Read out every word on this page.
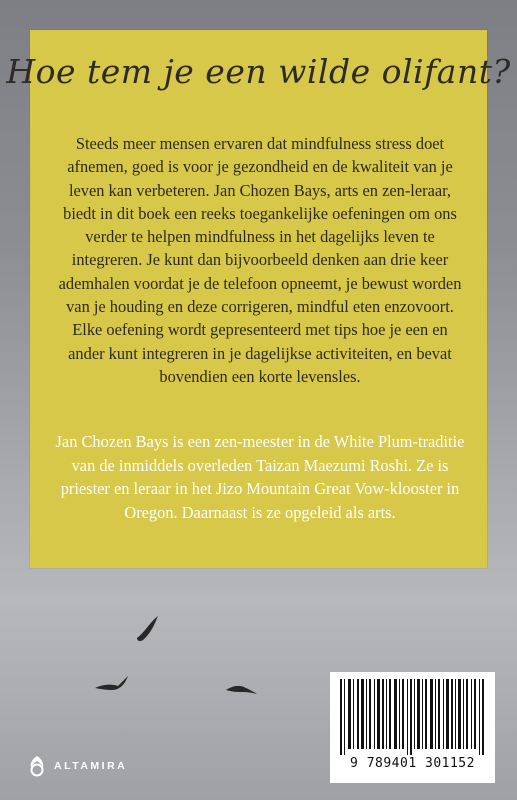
Hoe tem je een wilde olifant?

Steeds meer mensen ervaren dat mindfulness stress doet afnemen, goed is voor je gezondheid en de kwaliteit van je leven kan verbeteren. Jan Chozen Bays, arts en zen-leraar, biedt in dit boek een reeks toegankelijke oefeningen om ons verder te helpen mindfulness in het dagelijks leven te integreren. Je kunt dan bijvoorbeeld denken aan drie keer ademhalen voordat je de telefoon opneemt, je bewust worden van je houding en deze corrigeren, mindful eten enzovoort. Elke oefening wordt gepresenteerd met tips hoe je een en ander kunt integreren in je dagelijkse activiteiten, en bevat bovendien een korte levensles.

Jan Chozen Bays is een zen-meester in de White Plum-traditie van de inmiddels overleden Taizan Maezumi Roshi. Ze is priester en leraar in het Jizo Mountain Great Vow-klooster in Oregon. Daarnaast is ze opgeleid als arts.

9 789401 301152
ALTAMIRA
